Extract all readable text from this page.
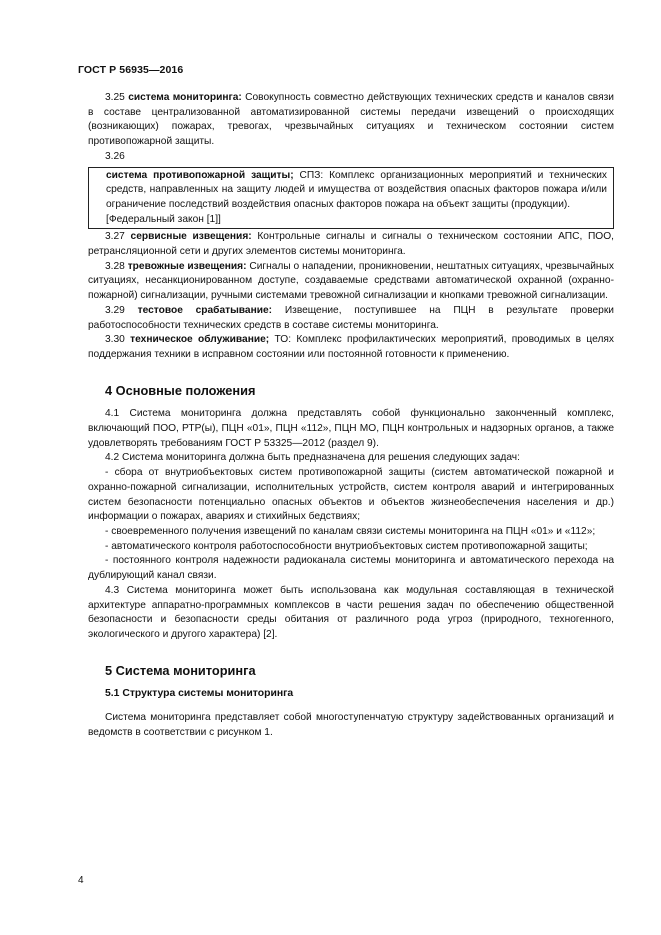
ГОСТ Р 56935—2016

3.25 система мониторинга: Совокупность совместно действующих технических средств и каналов связи в составе централизованной автоматизированной системы передачи извещений о происходящих (возникающих) пожарах, тревогах, чрезвычайных ситуациях и техническом состоянии систем противопожарной защиты.

3.26

система противопожарной защиты; СПЗ: Комплекс организационных мероприятий и технических средств, направленных на защиту людей и имущества от воздействия опасных факторов пожара и/или ограничение последствий воздействия опасных факторов пожара на объект защиты (продукции).

[Федеральный закон [1]]

3.27 сервисные извещения: Контрольные сигналы и сигналы о техническом состоянии АПС, ПОО, ретрансляционной сети и других элементов системы мониторинга.

3.28 тревожные извещения: Сигналы о нападении, проникновении, нештатных ситуациях, чрезвычайных ситуациях, несанкционированном доступе, создаваемые средствами автоматической охранной (охранно-пожарной) сигнализации, ручными системами тревожной сигнализации и кнопками тревожной сигнализации.

3.29 тестовое срабатывание: Извещение, поступившее на ПЦН в результате проверки работоспособности технических средств в составе системы мониторинга.

3.30 техническое облуживание; ТО: Комплекс профилактических мероприятий, проводимых в целях поддержания техники в исправном состоянии или постоянной готовности к применению.

4 Основные положения

4.1 Система мониторинга должна представлять собой функционально законченный комплекс, включающий ПОО, РТР(ы), ПЦН «01», ПЦН «112», ПЦН МО, ПЦН контрольных и надзорных органов, а также удовлетворять требованиям ГОСТ Р 53325—2012 (раздел 9).

4.2 Система мониторинга должна быть предназначена для решения следующих задач:

- сбора от внутриобъектовых систем противопожарной защиты (систем автоматической пожарной и охранно-пожарной сигнализации, исполнительных устройств, систем контроля аварий и интегрированных систем безопасности потенциально опасных объектов и объектов жизнеобеспечения населения и др.) информации о пожарах, авариях и стихийных бедствиях;

- своевременного получения извещений по каналам связи системы мониторинга на ПЦН «01» и «112»;

- автоматического контроля работоспособности внутриобъектовых систем противопожарной защиты;

- постоянного контроля надежности радиоканала системы мониторинга и автоматического перехода на дублирующий канал связи.

4.3 Система мониторинга может быть использована как модульная составляющая в технической архитектуре аппаратно-программных комплексов в части решения задач по обеспечению общественной безопасности и безопасности среды обитания от различного рода угроз (природного, техногенного, экологического и другого характера) [2].

5 Система мониторинга
5.1 Структура системы мониторинга

Система мониторинга представляет собой многоступенчатую структуру задействованных организаций и ведомств в соответствии с рисунком 1.

4
